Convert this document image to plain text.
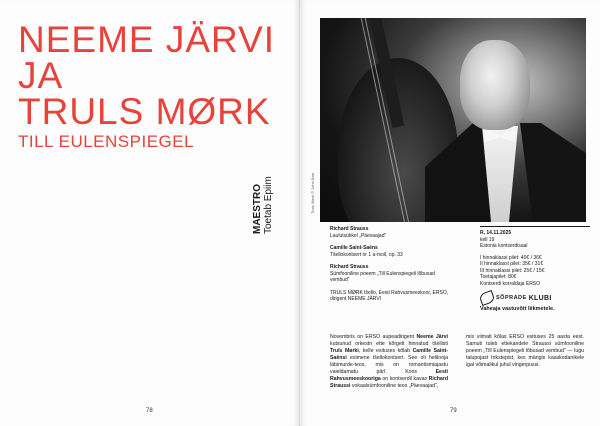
NEEME JÄRVI
JA
TRULS MØRK
TILL EULENSPIEGEL
MAESTRO Toetab Epiim
78
Truls Mørk © John Barr
Richard Strauss
Laulutsükkel „Päevaajad“
Camille Saint-Saëns
Tšellokontsert nr 1 a-moll, op. 33
Richard Strauss
Sümfooniline poeem „Till Eulenspiegeli lõbusad vembud“
TRULS MØRK tšello, Eesti Rahvusmeeskoor, ERSO, dirigent NEEME JÄRVI
R, 14.11.2025
kell 19
Estonia kontserdisaal
I hinnaklassi pilet: 40€ / 36€
II hinnaklassi pilet: 35€ / 31€
III hinnaklassi pilet: 25€ / 15€
Toetajapilet: 80€
Kontserdi korraldaja ERSO
SÕPRADE KLUBI
Vaheaja vastuvõtt liikmetele.
Novembris on ERSO aupeadirigent Neeme Järvi kutsunud orkestri ette kõrgelt hinnatud tšellisti Truls Mørki, kelle esituses kõlab Camille Saint-Saënsi esimene tšellokontsert. See oli helilooja läbimurde-teos, mis on romantismiajastu vaieldamatu pärl. Koos Eesti Rahvusmeeskooriga on kontserdil kavas Richard Straussi vokaalsümfooniline teos „Päevaajad“,
mis viimati kõlas ERSO esituses 25 aasta eest. Samuti tuleb ettekandele Straussi sümfooniline poeem „Till Eulenspiegeli lõbusad vembud“ — lugu talupojast trikstерist, kes mängis kaaskodanikele igal võimalikul juhul vingerpussi.
79
